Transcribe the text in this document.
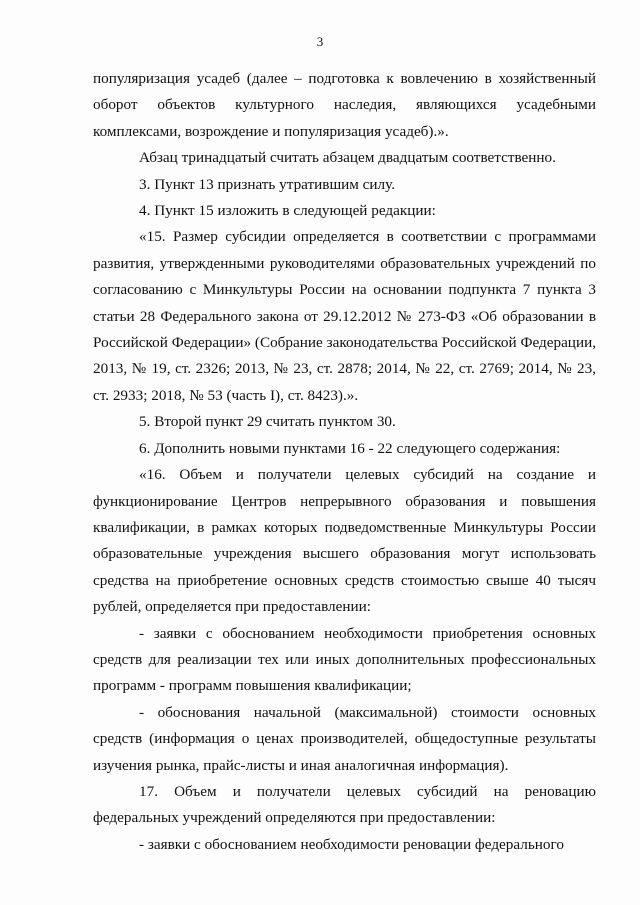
3

популяризация усадеб (далее – подготовка к вовлечению в хозяйственный оборот объектов культурного наследия, являющихся усадебными комплексами, возрождение и популяризация усадеб).».

Абзац тринадцатый считать абзацем двадцатым соответственно.

3. Пункт 13 признать утратившим силу.

4. Пункт 15 изложить в следующей редакции:

«15. Размер субсидии определяется в соответствии с программами развития, утвержденными руководителями образовательных учреждений по согласованию с Минкультуры России на основании подпункта 7 пункта 3 статьи 28 Федерального закона от 29.12.2012 № 273-ФЗ «Об образовании в Российской Федерации» (Собрание законодательства Российской Федерации, 2013, № 19, ст. 2326; 2013, № 23, ст. 2878; 2014, № 22, ст. 2769; 2014, № 23, ст. 2933; 2018, № 53 (часть I), ст. 8423).».

5. Второй пункт 29 считать пунктом 30.

6. Дополнить новыми пунктами 16 - 22 следующего содержания:

«16. Объем и получатели целевых субсидий на создание и функционирование Центров непрерывного образования и повышения квалификации, в рамках которых подведомственные Минкультуры России образовательные учреждения высшего образования могут использовать средства на приобретение основных средств стоимостью свыше 40 тысяч рублей, определяется при предоставлении:

- заявки с обоснованием необходимости приобретения основных средств для реализации тех или иных дополнительных профессиональных программ - программ повышения квалификации;

- обоснования начальной (максимальной) стоимости основных средств (информация о ценах производителей, общедоступные результаты изучения рынка, прайс-листы и иная аналогичная информация).

17. Объем и получатели целевых субсидий на реновацию федеральных учреждений определяются при предоставлении:

- заявки с обоснованием необходимости реновации федерального
